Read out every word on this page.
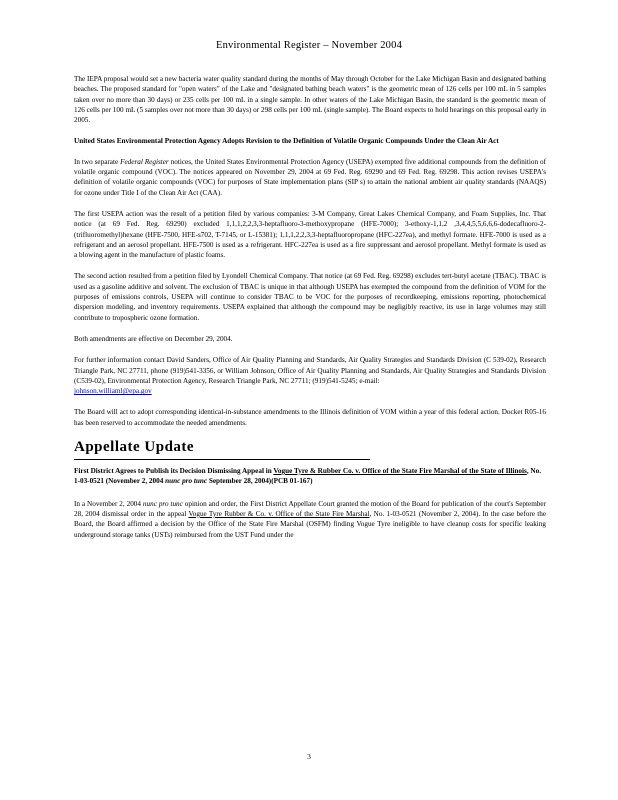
Environmental Register – November 2004

The IEPA proposal would set a new bacteria water quality standard during the months of May through October for the Lake Michigan Basin and designated bathing beaches. The proposed standard for "open waters" of the Lake and "designated bathing beach waters" is the geometric mean of 126 cells per 100 mL in 5 samples taken over no more than 30 days) or 235 cells per 100 mL in a single sample. In other waters of the Lake Michigan Basin, the standard is the geometric mean of 126 cells per 100 mL (5 samples over not more than 30 days) or 298 cells per 100 mL (single sample). The Board expects to hold hearings on this proposal early in 2005.

United States Environmental Protection Agency Adopts Revision to the Definition of Volatile Organic Compounds Under the Clean Air Act

In two separate Federal Register notices, the United States Environmental Protection Agency (USEPA) exempted five additional compounds from the definition of volatile organic compound (VOC). The notices appeared on November 29, 2004 at 69 Fed. Reg. 69290 and 69 Fed. Reg. 69298. This action revises USEPA's definition of volatile organic compounds (VOC) for purposes of State implementation plans (SIP s) to attain the national ambient air quality standards (NAAQS) for ozone under Title I of the Clean Air Act (CAA).

The first USEPA action was the result of a petition filed by various companies: 3-M Company, Great Lakes Chemical Company, and Foam Supplies, Inc. That notice (at 69 Fed. Reg. 69290) excluded 1,1,1,2,2,3,3-heptafluoro-3-methoxypropane (HFE-7000); 3-ethoxy-1,1,2 ,3,4,4,5,5,6,6,6-dodecafluoro-2-(trifluoromethyl)hexane (HFE-7500, HFE-s702, T-7145, or L-15381); 1,1,1,2,2,3,3-heptafluoropropane (HFC-227ea), and methyl formate. HFE-7000 is used as a refrigerant and an aerosol propellant. HFE-7500 is used as a refrigerant. HFC-227ea is used as a fire suppressant and aerosol propellant. Methyl formate is used as a blowing agent in the manufacture of plastic foams.

The second action resulted from a petition filed by Lyondell Chemical Company. That notice (at 69 Fed. Reg. 69298) excludes tert-butyl acetate (TBAC). TBAC is used as a gasoline additive and solvent. The exclusion of TBAC is unique in that although USEPA has exempted the compound from the definition of VOM for the purposes of emissions controls, USEPA will continue to consider TBAC to be VOC for the purposes of recordkeeping, emissions reporting, photochemical dispersion modeling, and inventory requirements. USEPA explained that although the compound may be negligibly reactive, its use in large volumes may still contribute to tropospheric ozone formation.

Both amendments are effective on December 29, 2004.

For further information contact David Sanders, Office of Air Quality Planning and Standards, Air Quality Strategies and Standards Division (C 539-02), Research Triangle Park, NC 27711, phone (919)541-3356, or William Johnson, Office of Air Quality Planning and Standards, Air Quality Strategies and Standards Division (C539-02), Environmental Protection Agency, Research Triangle Park, NC 27711; (919)541-5245; e-mail:
johnson.williaml@epa.gov

The Board will act to adopt corresponding identical-in-substance amendments to the Illinois definition of VOM within a year of this federal action. Docket R05-16 has been reserved to accommodate the needed amendments.

Appellate Update
First District Agrees to Publish its Decision Dismissing Appeal in Vogue Tyre & Rubber Co. v. Office of the State Fire Marshal of the State of Illinois, No. 1-03-0521 (November 2, 2004 nunc pro tunc September 28, 2004)(PCB 01-167)

In a November 2, 2004 nunc pro tunc opinion and order, the First District Appellate Court granted the motion of the Board for publication of the court's September 28, 2004 dismissal order in the appeal Vogue Tyre Rubber & Co. v. Office of the State Fire Marshal, No. 1-03-0521 (November 2, 2004). In the case before the Board, the Board affirmed a decision by the Office of the State Fire Marshal (OSFM) finding Vogue Tyre ineligible to have cleanup costs for specific leaking underground storage tanks (USTs) reimbursed from the UST Fund under the

3
